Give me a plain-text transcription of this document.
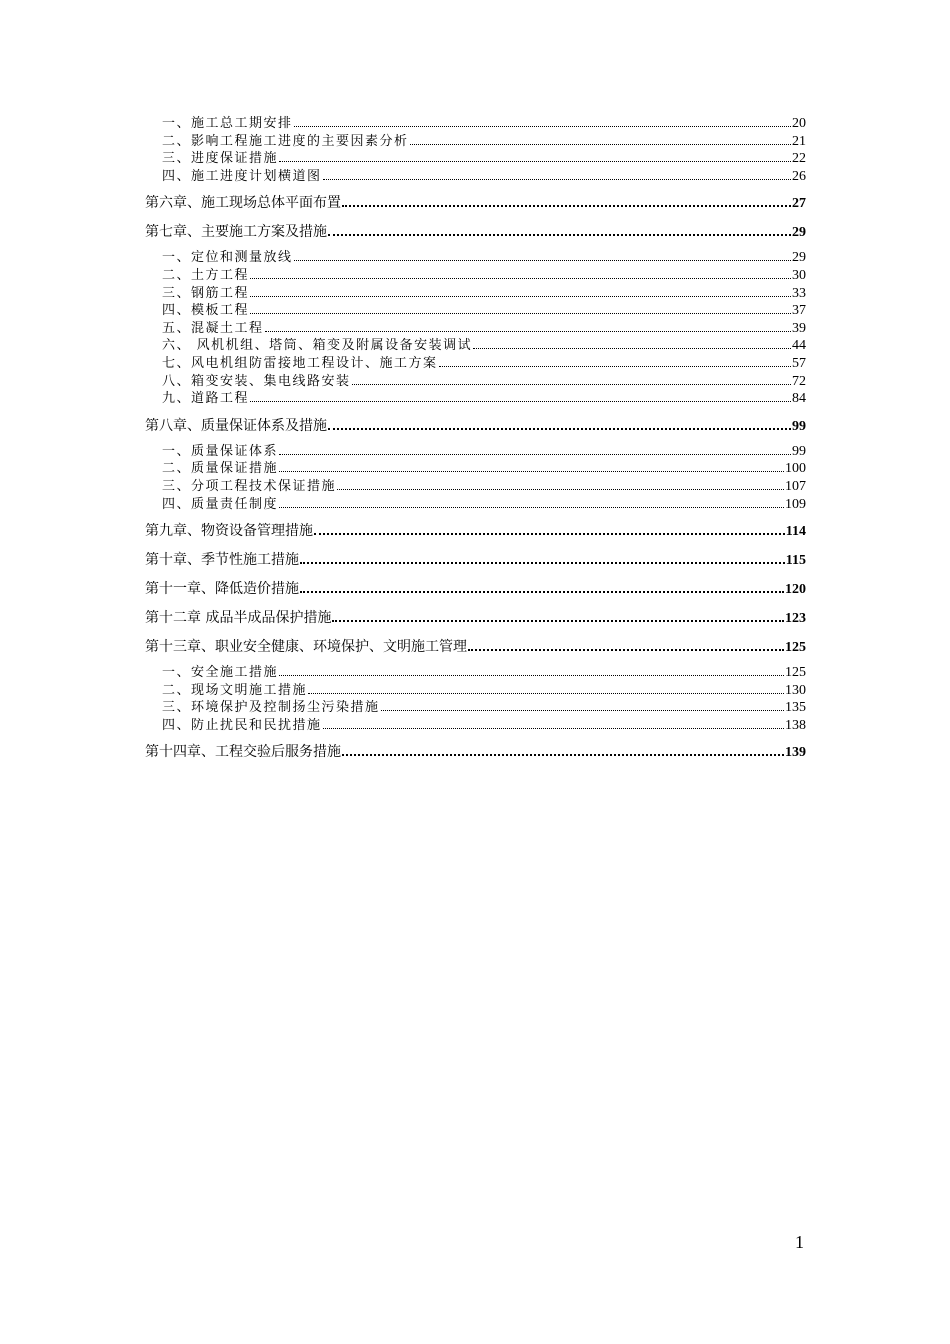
一、施工总工期安排	20
二、影响工程施工进度的主要因素分析	21
三、进度保证措施	22
四、施工进度计划横道图	26
第六章、施工现场总体平面布置	27
第七章、主要施工方案及措施	29
一、定位和测量放线	29
二、土方工程	30
三、钢筋工程	33
四、模板工程	37
五、混凝土工程	39
六、 风机机组、塔筒、箱变及附属设备安装调试	44
七、风电机组防雷接地工程设计、施工方案	57
八、箱变安装、集电线路安装	72
九、道路工程	84
第八章、质量保证体系及措施	99
一、质量保证体系	99
二、质量保证措施	100
三、分项工程技术保证措施	107
四、质量责任制度	109
第九章、物资设备管理措施	114
第十章、季节性施工措施	115
第十一章、降低造价措施	120
第十二章 成品半成品保护措施	123
第十三章、职业安全健康、环境保护、文明施工管理	125
一、安全施工措施	125
二、现场文明施工措施	130
三、环境保护及控制扬尘污染措施	135
四、防止扰民和民扰措施	138
第十四章、工程交验后服务措施	139
1
